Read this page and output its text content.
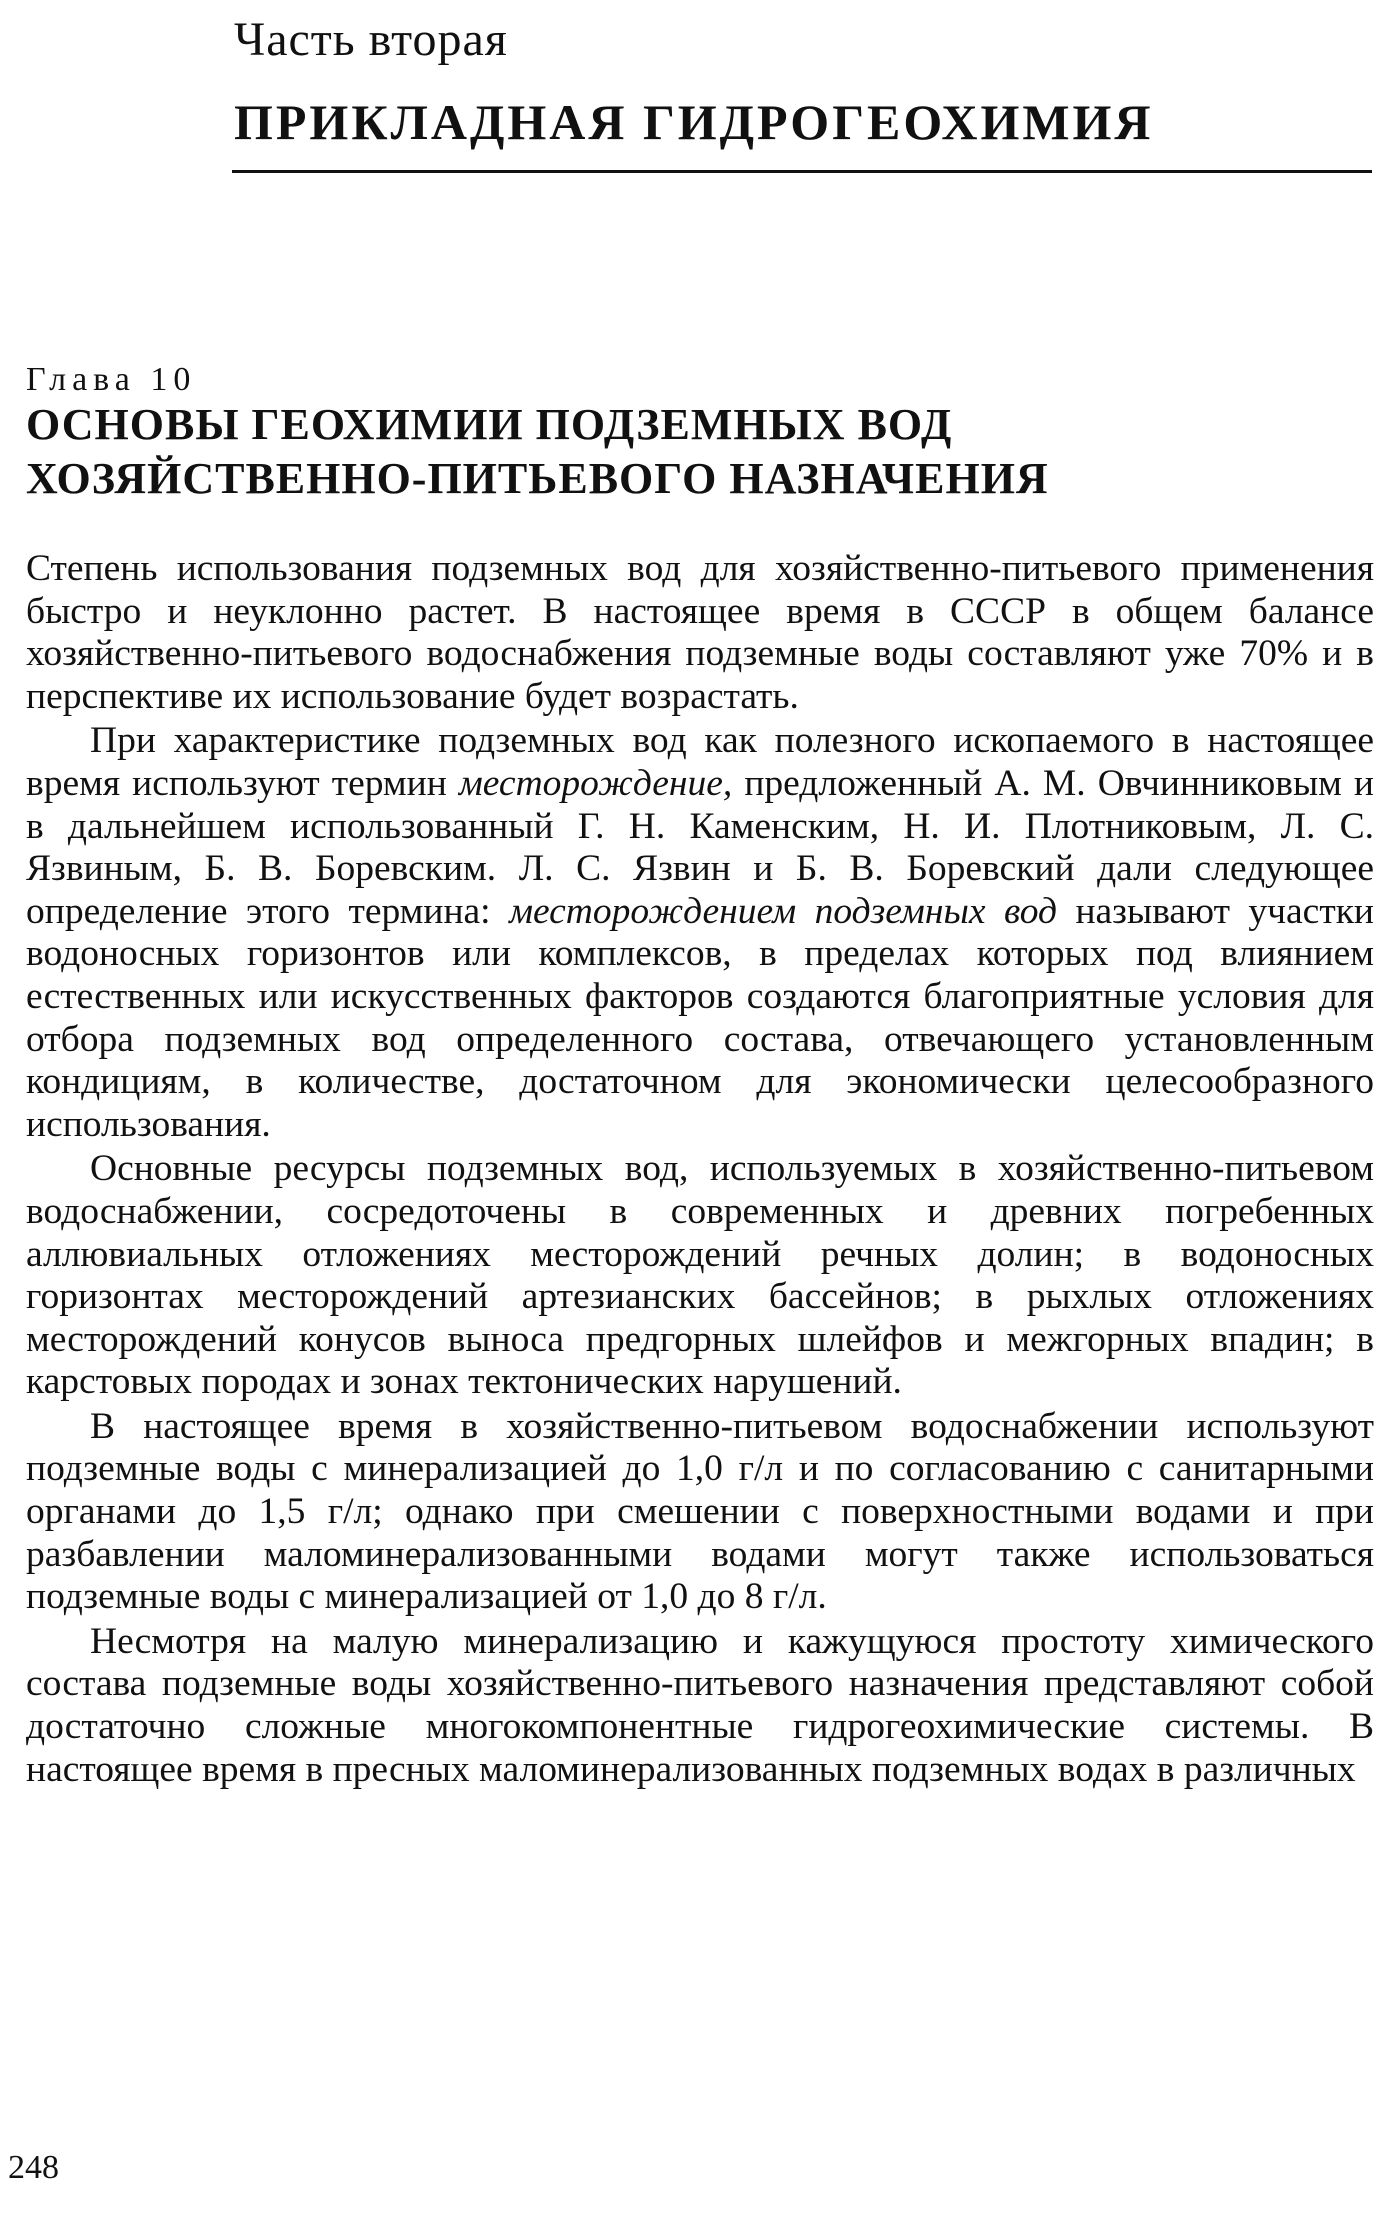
Часть вторая
ПРИКЛАДНАЯ ГИДРОГЕОХИМИЯ
Глава 10
ОСНОВЫ ГЕОХИМИИ ПОДЗЕМНЫХ ВОД
ХОЗЯЙСТВЕННО-ПИТЬЕВОГО НАЗНАЧЕНИЯ

Степень использования подземных вод для хозяйственно-питьевого применения быстро и неуклонно растет. В настоящее время в СССР в общем балансе хозяйственно-питьевого водоснабжения подземные воды составляют уже 70% и в перспективе их использование будет возрастать.

При характеристике подземных вод как полезного ископаемого в настоящее время используют термин месторождение, предложенный А. М. Овчинниковым и в дальнейшем использованный Г. Н. Каменским, Н. И. Плотниковым, Л. С. Язвиным, Б. В. Боревским. Л. С. Язвин и Б. В. Боревский дали следующее определение этого термина: месторождением подземных вод называют участки водоносных горизонтов или комплексов, в пределах которых под влиянием естественных или искусственных факторов создаются благоприятные условия для отбора подземных вод определенного состава, отвечающего установленным кондициям, в количестве, достаточном для экономически целесообразного использования.

Основные ресурсы подземных вод, используемых в хозяйственно-питьевом водоснабжении, сосредоточены в современных и древних погребенных аллювиальных отложениях месторождений речных долин; в водоносных горизонтах месторождений артезианских бассейнов; в рыхлых отложениях месторождений конусов выноса предгорных шлейфов и межгорных впадин; в карстовых породах и зонах тектонических нарушений.

В настоящее время в хозяйственно-питьевом водоснабжении используют подземные воды с минерализацией до 1,0 г/л и по согласованию с санитарными органами до 1,5 г/л; однако при смешении с поверхностными водами и при разбавлении маломинерализованными водами могут также использоваться подземные воды с минерализацией от 1,0 до 8 г/л.

Несмотря на малую минерализацию и кажущуюся простоту химического состава подземные воды хозяйственно-питьевого назначения представляют собой достаточно сложные многокомпонентные гидрогеохимические системы. В настоящее время в пресных маломинерализованных подземных водах в различных

248
